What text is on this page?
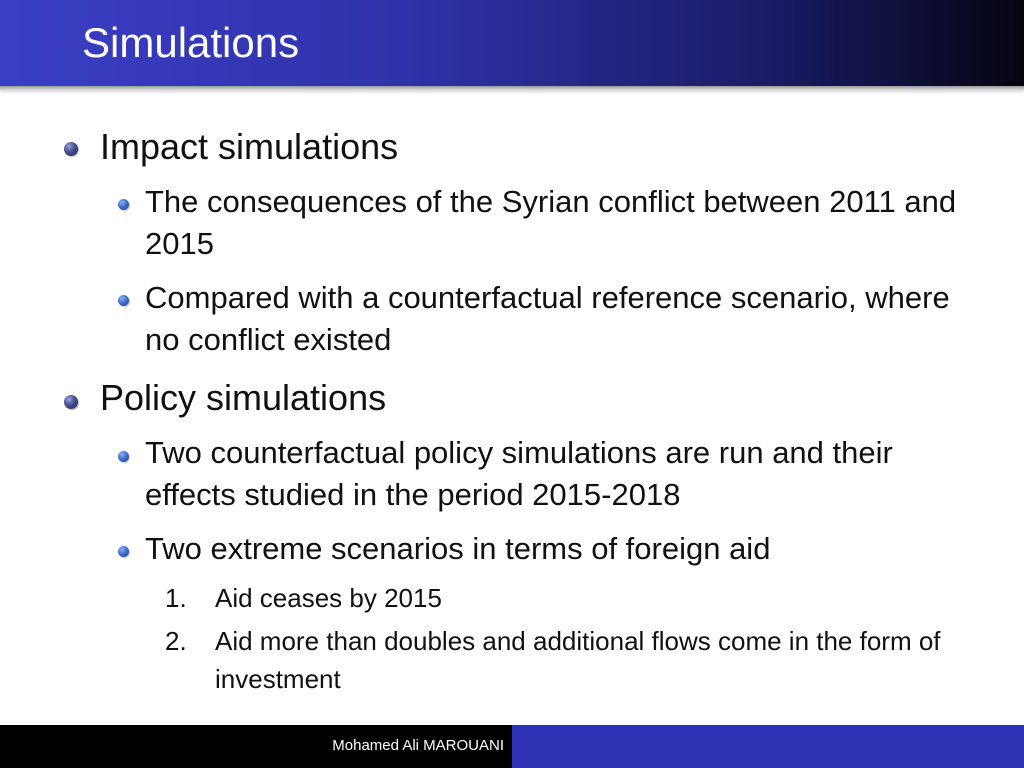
Simulations
Impact simulations
The consequences of the Syrian conflict between 2011 and 2015
Compared with a counterfactual reference scenario, where no conflict existed
Policy simulations
Two counterfactual policy simulations are run and their effects studied in the period 2015-2018
Two extreme scenarios in terms of foreign aid
1. Aid ceases by 2015
2. Aid more than doubles and additional flows come in the form of investment
Mohamed Ali MAROUANI
